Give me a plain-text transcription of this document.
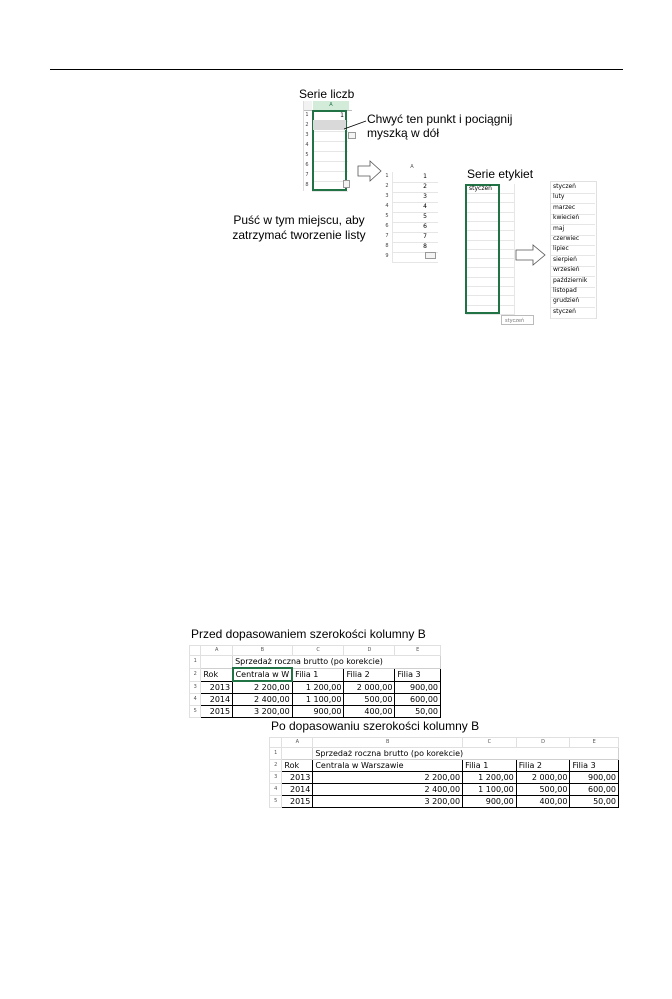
Serie liczb
A
1
2
3
4
5
6
7
8
1 Chwyć ten punkt i pociągnij myszką w dół
Puść w tym miejscu, aby zatrzymać tworzenie listy
A
1
2
3
4
5
6
7
8
9
1
2
3
4
5
6
7
8
Serie etykiet
styczeń
styczeń
styczeń
luty
marzec
kwiecień
maj
czerwiec
lipiec
sierpień
wrzesień
październik
listopad
grudzień
styczeń
Przed dopasowaniem szerokości kolumny B
	A	B	C	D	E
1		Sprzedaż roczna brutto (po korekcie)			
2	Rok	Centrala w W	Filia 1	Filia 2	Filia 3
3	2013	2 200,00	1 200,00	2 000,00	900,00
4	2014	2 400,00	1 100,00	500,00	600,00
5	2015	3 200,00	900,00	400,00	50,00
Po dopasowaniu szerokości kolumny B
	A	B	C	D	E
1		Sprzedaż roczna brutto (po korekcie)			
2	Rok	Centrala w Warszawie	Filia 1	Filia 2	Filia 3
3	2013	2 200,00	1 200,00	2 000,00	900,00
4	2014	2 400,00	1 100,00	500,00	600,00
5	2015	3 200,00	900,00	400,00	50,00
